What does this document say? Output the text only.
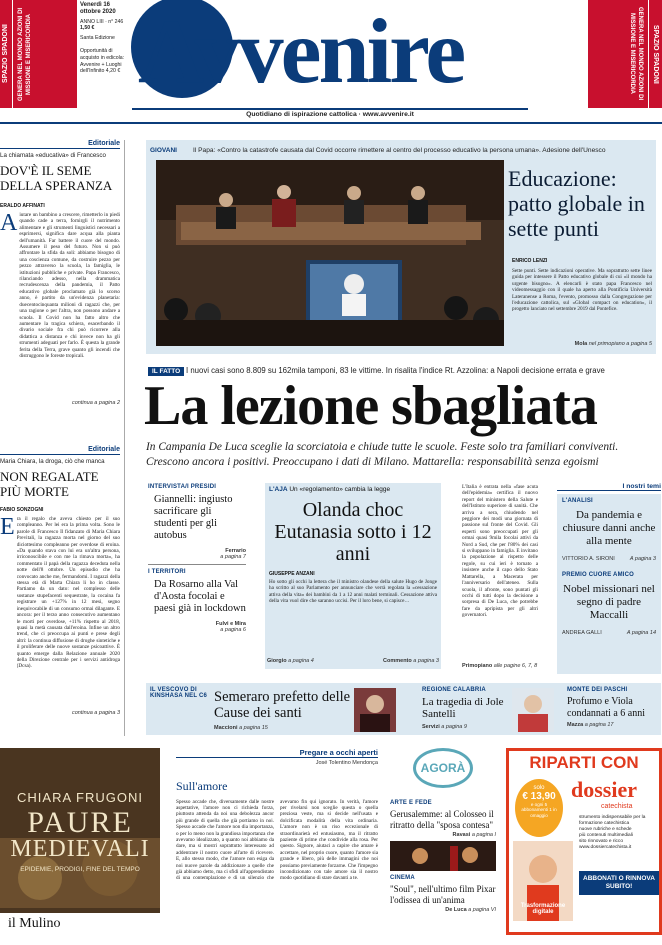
SPAZIO SPADONI	GENERA NEL MONDO AZIONI DI MISSIONE E MISERICORDIA
Venerdì 16 ottobre 2020
ANNO LIII · n° 246
1,50 €
Santa Edizione
Opportunità di acquisto in edicola: Avvenire + Luoghi dell'Infinito 4,20 € Avvenire
Quotidiano di ispirazione cattolica · www.avvenire.it
GENERA NEL MONDO AZIONI DI MISSIONE E MISERICORDIA	SPAZIO SPADONI
Editoriale
La chiamata «educativa» di Francesco
DOV'È IL SEME DELLA SPERANZA
ERALDO AFFINATI
A iutare un bambino a crescere, rimetterlo in piedi quando cade a terra, fornirgli il nutrimento alimentare e gli strumenti linguistici necessari a esprimersi, significa dare acqua alla pianta dell'umanità. Far battere il cuore del mondo. Assumere il peso del futuro. Non si può affrontare la sfida da soli: abbiamo bisogno di una coscienza comune, da costruire pezzo per pezzo attraverso la scuola, la famiglia, le istituzioni pubbliche e private. Papa Francesco, rilanciando adesso, nella drammatica recrudescenza della pandemia, il Patto educativo globale proclamato già lo scorso anno, è partito da un'evidenza planetaria: duecentocinquanta milioni di ragazzi che, per una ragione o per l'altra, non possono andare a scuola. Il Covid non ha fatto altro che aumentare la tragica schiera, esacerbando il divario sociale fra chi può ricorrere alla didattica a distanza e chi invece non ha gli strumenti adeguati per farlo. È questa la grande ferita della Terra, grave quanto gli incendi che distruggono le foreste tropicali.
continua a pagina 2
Editoriale
Maria Chiara, la droga, ciò che manca
NON REGALATE PIÙ MORTE
FABIO SONZOGNI
E ra il regalo che aveva chiesto per il suo compleanno. Per lei era la prima volta. Sono le parole di Francesco Il fidanzato di Maria Chiara Previtali, la ragazza morta nel giorno del suo diciottesimo compleanno per overdose di eroina. «Da quando stava con lui era un'altra persona, irriconoscibile e con me la rimava morta», ha commentato il papà della ragazza deceduta nella notte dell'8 ottobre. Un episodio che ha convocato anche me, fermandomi. I ragazzi della stessa età di Marta Chiara li ho in classe. Partiamo da un dato: nel complesso delle sostanze stupefacenti sequestrate, la cocaina fa registrare un +127% in 12 mesi, segno inequivocabile di un consumo ormai dilagante. E ancora: per il terzo anno consecutivo aumentano le morti per overdose, +11% rispetto al 2018, quasi la metà causata dall'eroina. Infine un altro trend, che ci preoccupa ai punti e prese degli altri: la continua diffusione di droghe sintetiche e il proliferare delle nuove sostanze psicoattive. È quanto emerge dalla Relazione annuale 2020 della Direzione centrale per i servizi antidroga (Dcsa).
continua a pagina 3
GIOVANI Il Papa: «Contro la catastrofe causata dal Covid occorre rimettere al centro del processo educativo la persona umana». Adesione dell'Unesco
Educazione: patto globale in sette punti
ENRICO LENZI
Sette punti. Sette indicazioni operative. Ma soprattutto sette linee guida per intessere il Patto educativo globale di cui «il mondo ha urgente bisogno». A elencarli è stato papa Francesco nel videomessaggio con il quale ha aperto alla Pontificia Università Lateranense a Roma, l'evento, promosso dalla Congregazione per l'educazione cattolica, sul «Global compact on education», il progetto lanciato nel settembre 2019 dal Pontefice.
Mola nel primopiano a pagina 5
IL FATTO I nuovi casi sono 8.809 su 162mila tamponi, 83 le vittime. In risalita l'indice Rt. Azzolina: a Napoli decisione errata e grave
La lezione sbagliata
In Campania De Luca sceglie la scorciatoia e chiude tutte le scuole. Feste solo tra familiari conviventi. Crescono ancora i positivi. Preoccupano i dati di Milano. Mattarella: responsabilità senza egoismi
INTERVISTA/I PRESIDI
Giannelli: ingiusto sacrificare gli studenti per gli autobus
Ferrario
a pagina 7
I TERRITORI
Da Rosarno alla Val d'Aosta focolai e paesi già in lockdown
Fulvi e Mira
a pagina 6
L'AJA Un «regolamento» cambia la legge
Olanda choc Eutanasia sotto i 12 anni
GIUSEPPE ANZANI
Ho sotto gli occhi la lettera che il ministro olandese della salute Hugo de Jonge ha scritto al suo Parlamento per annunciare che verrà regolata la «cessazione attiva della vita» dei bambini da 1 a 12 anni malati terminali. Cessazione attiva della vita vuol dire che saranno uccisi. Per il loro bene, si capisce…
Giorgio a pagina 4	Commento a pagina 3
L'Italia è entrata nella «fase acuta dell'epidemia» certifica il nuovo report del ministero della Salute e dell'Istituto superiore di sanità. Che arriva a sera, chiudendo nel peggiore dei modi una giornata di passione sul fronte del Covid. Gli esperti sono preoccupati per gli ormai quasi 9mila focolai attivi da Nord a Sud, che per l'80% dei casi si sviluppano in famiglia. E invitano la popolazione al rispetto delle regole, su cui ieri è tornato a insistere anche il capo dello Stato Mattarella, a Macerata per l'anniversario dell'ateneo. Sulla scuola, il afronte, sono puntati gli occhi di tutti dopo la decisione a sorpresa di De Luca, che potrebbe fare da apripista per gli altri governatori.
Primopiano alle pagine 6, 7, 8
I nostri temi
L'ANALISI
Da pandemia e chiusure danni anche alla mente
VITTORIO A. SIRONI	A pagina 3
PREMIO CUORE AMICO
Nobel missionari nel segno di padre Maccalli
ANDREA GALLI	A pagina 14
IL VESCOVO DI KINSHASA NEL C6 Semeraro prefetto delle Cause dei santi
Maccioni a pagina 15
REGIONE CALABRIA
La tragedia di Jole Santelli
Servizi a pagina 9
MONTE DEI PASCHI
Profumo e Viola condannati a 6 anni
Mazza a pagina 17
CHIARA FRUGONI
PAURE
MEDIEVALI
EPIDEMIE, PRODIGI, FINE DEL TEMPO
il Mulino
Pregare a occhi aperti
José Tolentino Mendonça
Sull'amore
Spesso accade che, diversamente dalle nostre aspettative, l'amore non ci richieda forza, piuttosto attenda da noi una debolezza ancor più grande di quella che già portiamo in noi. Spesso accade che l'amore non dia importanza, o per lo meno non la grandiosa importanza che avevamo idealizzato, a quanto noi abbiamo da dare, ma si mostri soprattutto interessato ad addentrare il nostro cuore all'arte di ricevere. E, allo stesso modo, che l'amore non esiga da noi nuove parole da addizionare a quelle che già abbiamo detto, ma ci sfidi all'apprendistato di una contemplazione e di un silenzio che avevamo fin qui ignorato. In verità, l'amore per rivelarsi non sceglie questa o quella preziosa veste, ma si decide nell'usata e dolcificata modalità della vita ordinaria. L'amore non è un riso eccezionale di straordinarietà ed entusiasmo, ma il ritratto paziente di prime che condivide alla rosa. Per questo. Signore, aiutaci a capire che amare è accettare, nel proprio cuore, quanto l'amore sia grande e libero, più delle immagini che noi possiamo previamente forzarne. Che l'impegno incondizionato con tale amore sia il nostro modo quotidiano di stare davanti a te.
AGORÀ
ARTE E FEDE
Gerusalemme: al Colosseo il ritratto della "sposa contesa"
Ravasi a pagina I
CINEMA
"Soul", nell'ultimo film Pixar l'odissea di un'anima
De Luca a pagina VI
RIPARTI CON
solo
€ 13,90
e ogni 5 abbonamenti 1 in omaggio
dossier
catechista
Trasformazione digitale
strumento indispensabile per la formazione catechistica
nuove rubriche e schede
più contenuti multimediali
sito rinnovato e ricco www.dossiercatechista.it
ABBONATI O RINNOVA SUBITO!
